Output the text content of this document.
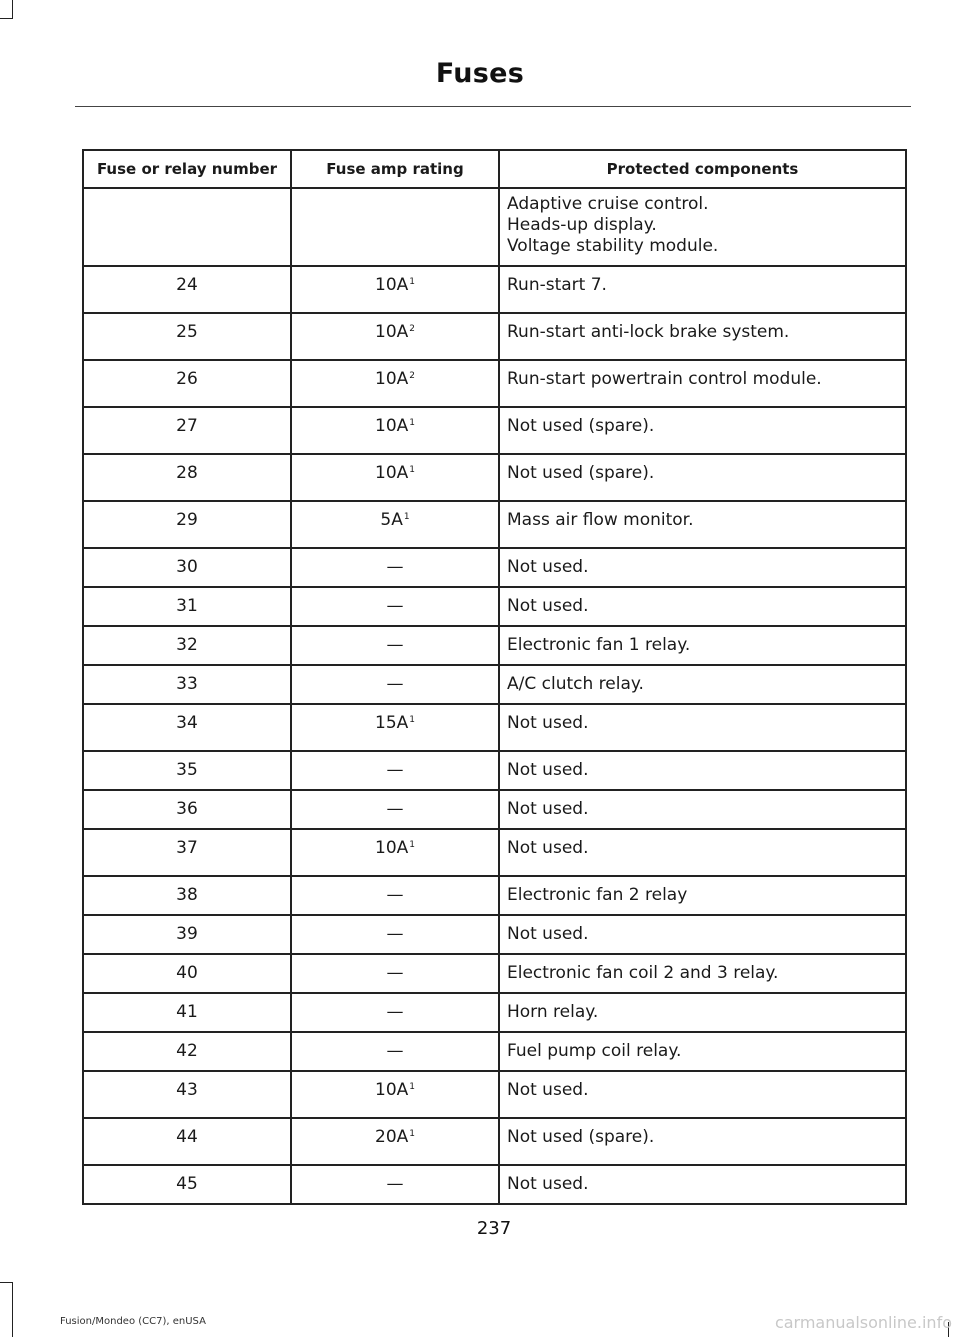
Fuses
Fuse or relay number	Fuse amp rating	Protected components

		Adaptive cruise control.
Heads-up display.
Voltage stability module.

24	$10A^1$	Run-start 7.
25	$10A^2$	Run-start anti-lock brake system.
26	$10A^2$	Run-start powertrain control module.
27	$10A^1$	Not used (spare).
28	$10A^1$	Not used (spare).
29	$5A^1$	Mass air flow monitor.
30	—	Not used.
31	—	Not used.
32	—	Electronic fan 1 relay.
33	—	A/C clutch relay.
34	$15A^1$	Not used.
35	—	Not used.
36	—	Not used.
37	$10A^1$	Not used.
38	—	Electronic fan 2 relay
39	—	Not used.
40	—	Electronic fan coil 2 and 3 relay.
41	—	Horn relay.
42	—	Fuel pump coil relay.
43	$10A^1$	Not used.
44	$20A^1$	Not used (spare).
45	—	Not used.
237
Fusion/Mondeo (CC7), enUSA	carmanualsonline.info
